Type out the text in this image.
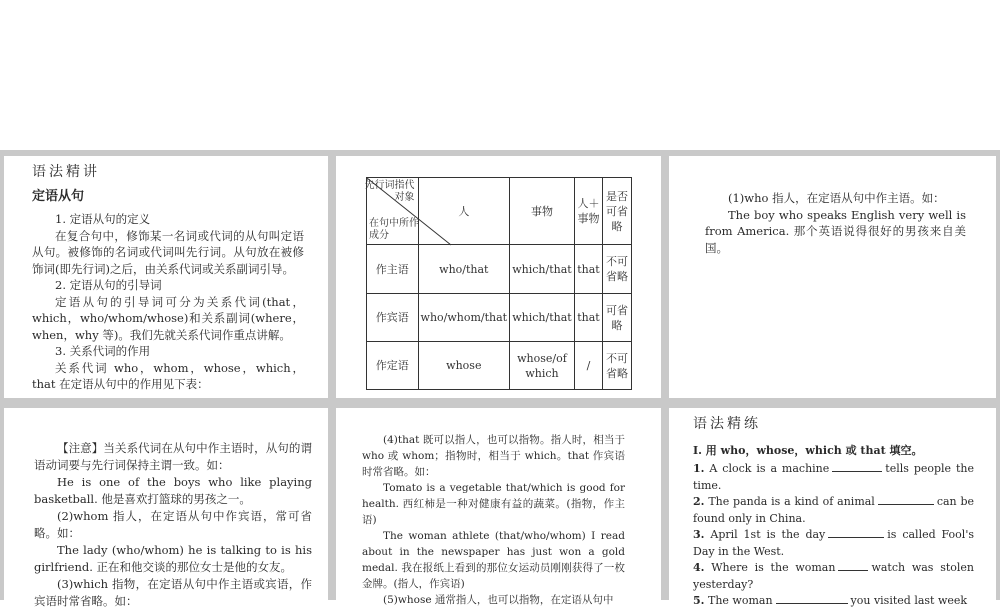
语法精讲

定语从句

1. 定语从句的定义

在复合句中，修饰某一名词或代词的从句叫定语从句。被修饰的名词或代词叫先行词。从句放在被修饰词(即先行词)之后，由关系代词或关系副词引导。

2. 定语从句的引导词

定语从句的引导词可分为关系代词(that，which，who/whom/whose)和关系副词(where，when，why 等)。我们先就关系代词作重点讲解。

3. 关系代词的作用

关系代词 who，whom，whose，which，that 在定语从句中的作用见下表：

先行词指代对象
在句中所作成分	人	事物	人＋事物	是否可省略
作主语	who/that	which/that	that	不可省略
作宾语	who/whom/that	which/that	that	可省略
作定语	whose	whose/of which	/	不可省略

(1)who 指人，在定语从句中作主语。如：

The boy who speaks English very well is from America. 那个英语说得很好的男孩来自美国。

【注意】当关系代词在从句中作主语时，从句的谓语动词要与先行词保持主谓一致。如：

He is one of the boys who like playing basketball. 他是喜欢打篮球的男孩之一。

(2)whom 指人，在定语从句中作宾语，常可省略。如：

The lady (who/whom) he is talking to is his girlfriend. 正在和他交谈的那位女士是他的女友。

(3)which 指物，在定语从句中作主语或宾语，作宾语时常省略。如：

(4)that 既可以指人，也可以指物。指人时，相当于 who 或 whom；指物时，相当于 which。that 作宾语时常省略。如：

Tomato is a vegetable that/which is good for health. 西红柿是一种对健康有益的蔬菜。(指物，作主语)

The woman athlete (that/who/whom) I read about in the newspaper has just won a gold medal. 我在报纸上看到的那位女运动员刚刚获得了一枚金牌。(指人，作宾语)

(5)whose 通常指人，也可以指物，在定语从句中

语法精练

Ⅰ. 用 who，whose，which 或 that 填空。

1. A clock is a machine	tells people the time.

2. The panda is a kind of animal	can be found only in China.

3. April 1st is the day	is called Fool's Day in the West.

4. Where is the woman	watch was stolen yesterday?

5. The woman	you visited last week
